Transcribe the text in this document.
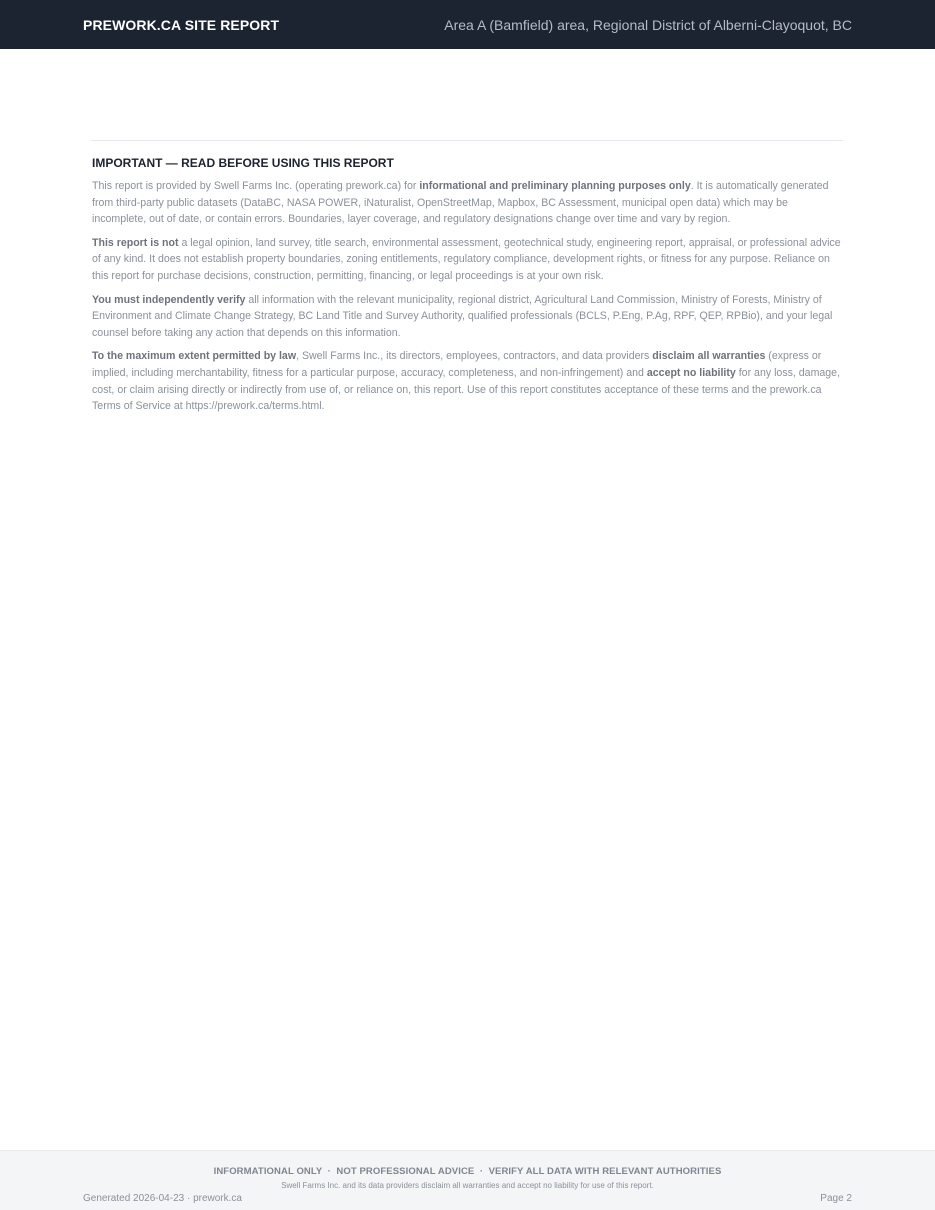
PREWORK.CA SITE REPORT	Area A (Bamfield) area, Regional District of Alberni-Clayoquot, BC
IMPORTANT — READ BEFORE USING THIS REPORT

This report is provided by Swell Farms Inc. (operating prework.ca) for informational and preliminary planning purposes only. It is automatically generated from third-party public datasets (DataBC, NASA POWER, iNaturalist, OpenStreetMap, Mapbox, BC Assessment, municipal open data) which may be incomplete, out of date, or contain errors. Boundaries, layer coverage, and regulatory designations change over time and vary by region.

This report is not a legal opinion, land survey, title search, environmental assessment, geotechnical study, engineering report, appraisal, or professional advice of any kind. It does not establish property boundaries, zoning entitlements, regulatory compliance, development rights, or fitness for any purpose. Reliance on this report for purchase decisions, construction, permitting, financing, or legal proceedings is at your own risk.

You must independently verify all information with the relevant municipality, regional district, Agricultural Land Commission, Ministry of Forests, Ministry of Environment and Climate Change Strategy, BC Land Title and Survey Authority, qualified professionals (BCLS, P.Eng, P.Ag, RPF, QEP, RPBio), and your legal counsel before taking any action that depends on this information.

To the maximum extent permitted by law, Swell Farms Inc., its directors, employees, contractors, and data providers disclaim all warranties (express or implied, including merchantability, fitness for a particular purpose, accuracy, completeness, and non-infringement) and accept no liability for any loss, damage, cost, or claim arising directly or indirectly from use of, or reliance on, this report. Use of this report constitutes acceptance of these terms and the prework.ca Terms of Service at https://prework.ca/terms.html.

INFORMATIONAL ONLY  ·  NOT PROFESSIONAL ADVICE  ·  VERIFY ALL DATA WITH RELEVANT AUTHORITIES
Swell Farms Inc. and its data providers disclaim all warranties and accept no liability for use of this report.
Generated 2026-04-23 · prework.ca	Page 2
